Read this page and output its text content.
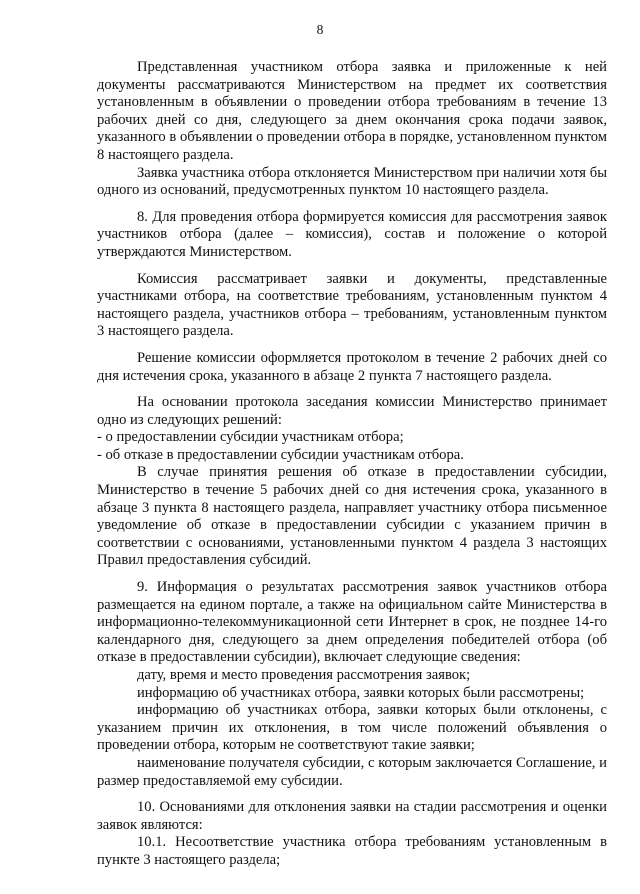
8

Представленная участником отбора заявка и приложенные к ней документы рассматриваются Министерством на предмет их соответствия установленным в объявлении о проведении отбора требованиям в течение 13 рабочих дней со дня, следующего за днем окончания срока подачи заявок, указанного в объявлении о проведении отбора в порядке, установленном пунктом 8 настоящего раздела.

Заявка участника отбора отклоняется Министерством при наличии хотя бы одного из оснований, предусмотренных пунктом 10 настоящего раздела.

8. Для проведения отбора формируется комиссия для рассмотрения заявок участников отбора (далее – комиссия), состав и положение о которой утверждаются Министерством.

Комиссия рассматривает заявки и документы, представленные участниками отбора, на соответствие требованиям, установленным пунктом 4 настоящего раздела, участников отбора – требованиям, установленным пунктом 3 настоящего раздела.

Решение комиссии оформляется протоколом в течение 2 рабочих дней со дня истечения срока, указанного в абзаце 2 пункта 7 настоящего раздела.

На основании протокола заседания комиссии Министерство принимает одно из следующих решений:

- о предоставлении субсидии участникам отбора;

- об отказе в предоставлении субсидии участникам отбора.

В случае принятия решения об отказе в предоставлении субсидии, Министерство в течение 5 рабочих дней со дня истечения срока, указанного в абзаце 3 пункта 8 настоящего раздела, направляет участнику отбора письменное уведомление об отказе в предоставлении субсидии с указанием причин в соответствии с основаниями, установленными пунктом 4 раздела 3 настоящих Правил предоставления субсидий.

9. Информация о результатах рассмотрения заявок участников отбора размещается на едином портале, а также на официальном сайте Министерства в информационно-телекоммуникационной сети Интернет в срок, не позднее 14-го календарного дня, следующего за днем определения победителей отбора (об отказе в предоставлении субсидии), включает следующие сведения:

дату, время и место проведения рассмотрения заявок;

информацию об участниках отбора, заявки которых были рассмотрены;

информацию об участниках отбора, заявки которых были отклонены, с указанием причин их отклонения, в том числе положений объявления о проведении отбора, которым не соответствуют такие заявки;

наименование получателя субсидии, с которым заключается Соглашение, и размер предоставляемой ему субсидии.

10. Основаниями для отклонения заявки на стадии рассмотрения и оценки заявок являются:

10.1. Несоответствие участника отбора требованиям установленным в пункте 3 настоящего раздела;
